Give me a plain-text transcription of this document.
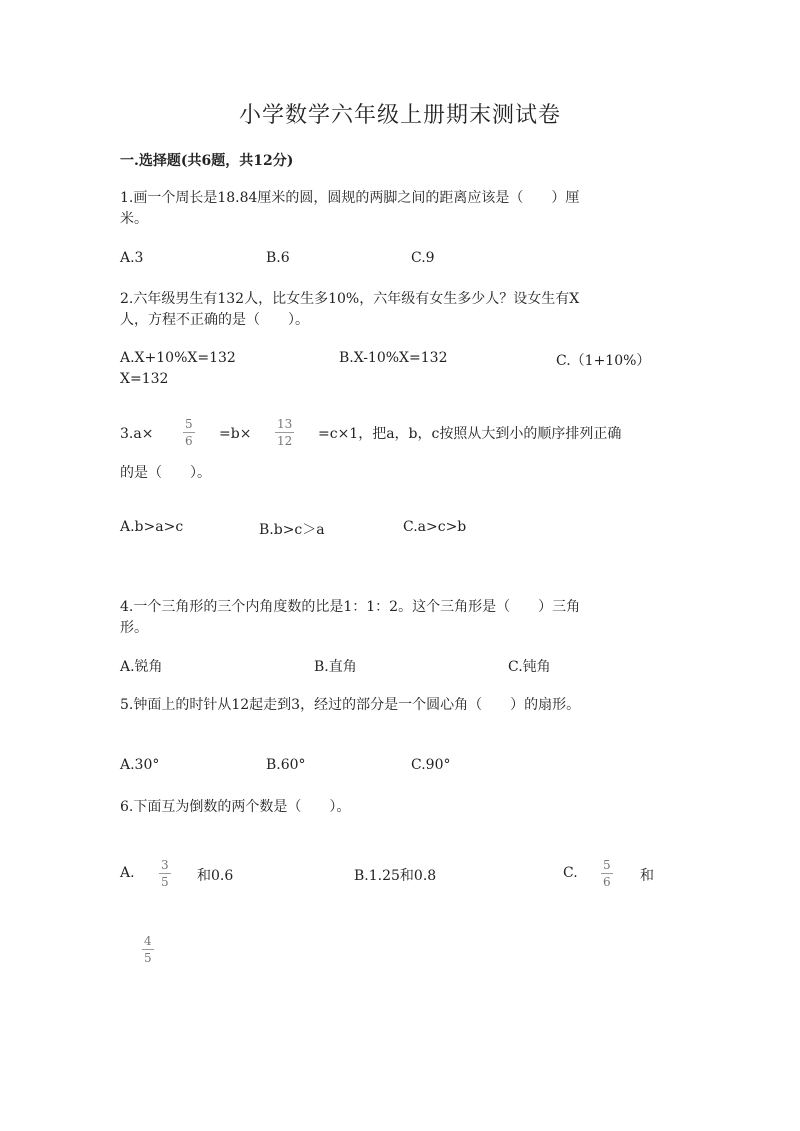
小学数学六年级上册期末测试卷
一.选择题(共6题，共12分)
1.画一个周长是18.84厘米的圆，圆规的两脚之间的距离应该是（　　）厘
米。
A.3	B.6	C.9
2.六年级男生有132人，比女生多10%，六年级有女生多少人？设女生有X
人，方程不正确的是（　　）。
A.X+10%X=132	B.X-10%X=132	C.（1+10%）
X=132
3.a×
5
6 =b×
13
12 =c×1，把a，b，c按照从大到小的顺序排列正确
的是（　　）。
A.b>a>c	B.b>c＞a	C.a>c>b
4.一个三角形的三个内角度数的比是1：1：2。这个三角形是（　　）三角
形。
A.锐角	B.直角	C.钝角
5.钟面上的时针从12起走到3，经过的部分是一个圆心角（　　）的扇形。
A.30°	B.60°	C.90°
6.下面互为倒数的两个数是（　　）。
A. 3
5 和0.6	B.1.25和0.8	C. 5
6 和
4
5
